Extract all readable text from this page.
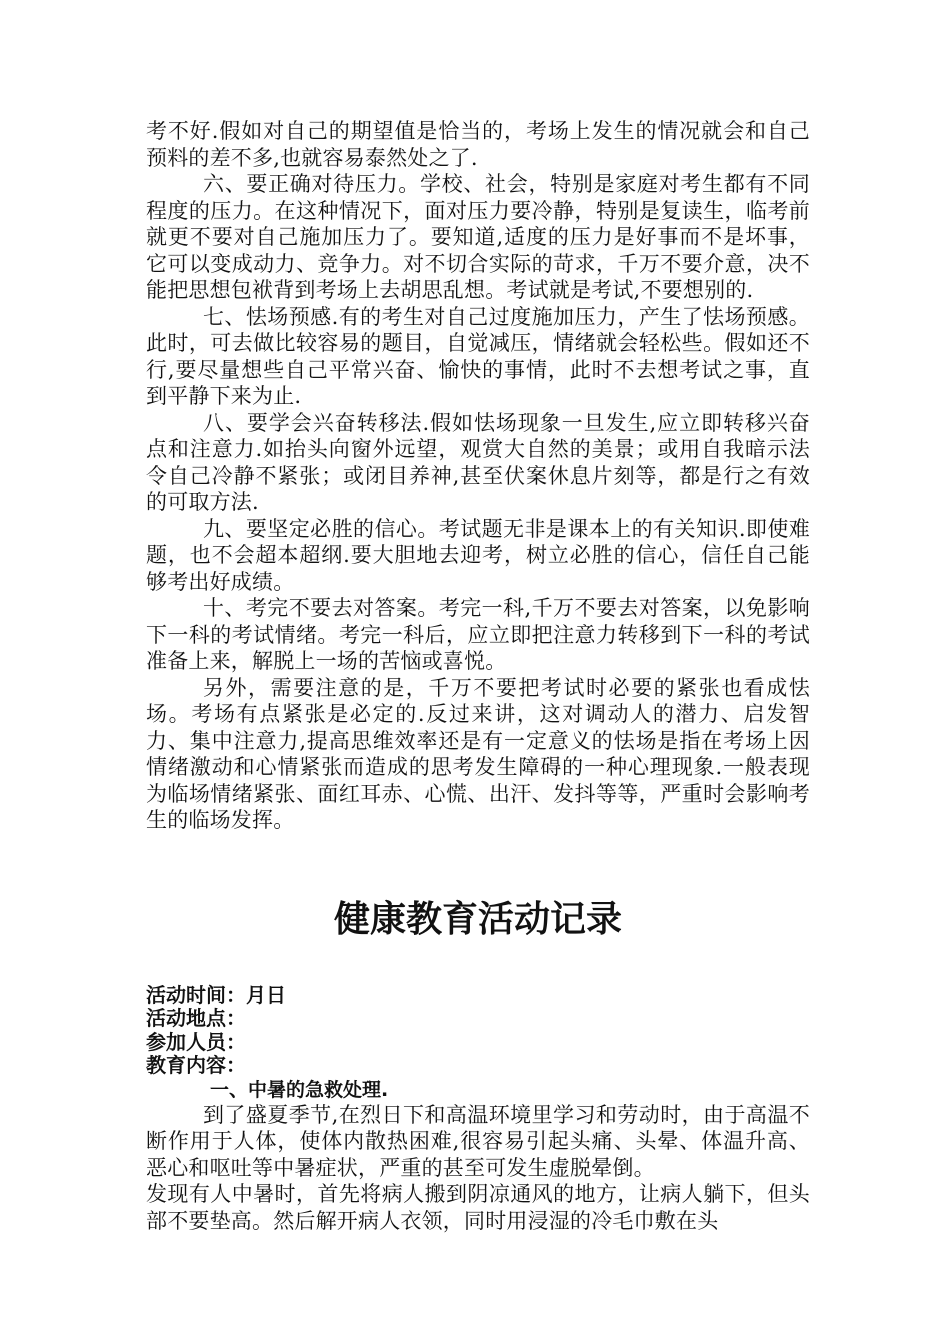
考不好.假如对自己的期望值是恰当的，考场上发生的情况就会和自己预料的差不多,也就容易泰然处之了.

六、要正确对待压力。学校、社会，特别是家庭对考生都有不同程度的压力。在这种情况下，面对压力要冷静，特别是复读生，临考前就更不要对自己施加压力了。要知道,适度的压力是好事而不是坏事，它可以变成动力、竞争力。对不切合实际的苛求，千万不要介意，决不能把思想包袱背到考场上去胡思乱想。考试就是考试,不要想别的.

七、怯场预感.有的考生对自己过度施加压力，产生了怯场预感。此时，可去做比较容易的题目，自觉减压，情绪就会轻松些。假如还不行,要尽量想些自己平常兴奋、愉快的事情，此时不去想考试之事，直到平静下来为止.

八、要学会兴奋转移法.假如怯场现象一旦发生,应立即转移兴奋点和注意力.如抬头向窗外远望，观赏大自然的美景；或用自我暗示法令自己冷静不紧张；或闭目养神,甚至伏案休息片刻等，都是行之有效的可取方法.

九、要坚定必胜的信心。考试题无非是课本上的有关知识.即使难题，也不会超本超纲.要大胆地去迎考，树立必胜的信心，信任自己能够考出好成绩。

十、考完不要去对答案。考完一科,千万不要去对答案，以免影响下一科的考试情绪。考完一科后，应立即把注意力转移到下一科的考试准备上来，解脱上一场的苦恼或喜悦。

另外，需要注意的是，千万不要把考试时必要的紧张也看成怯场。考场有点紧张是必定的.反过来讲，这对调动人的潜力、启发智力、集中注意力,提高思维效率还是有一定意义的怯场是指在考场上因情绪激动和心情紧张而造成的思考发生障碍的一种心理现象.一般表现为临场情绪紧张、面红耳赤、心慌、出汗、发抖等等，严重时会影响考生的临场发挥。

健康教育活动记录

活动时间：月日

活动地点：

参加人员：

教育内容：

一、中暑的急救处理.

到了盛夏季节,在烈日下和高温环境里学习和劳动时，由于高温不断作用于人体，使体内散热困难,很容易引起头痛、头晕、体温升高、恶心和呕吐等中暑症状，严重的甚至可发生虚脱晕倒。

发现有人中暑时，首先将病人搬到阴凉通风的地方，让病人躺下，但头部不要垫高。然后解开病人衣领，同时用浸湿的冷毛巾敷在头
